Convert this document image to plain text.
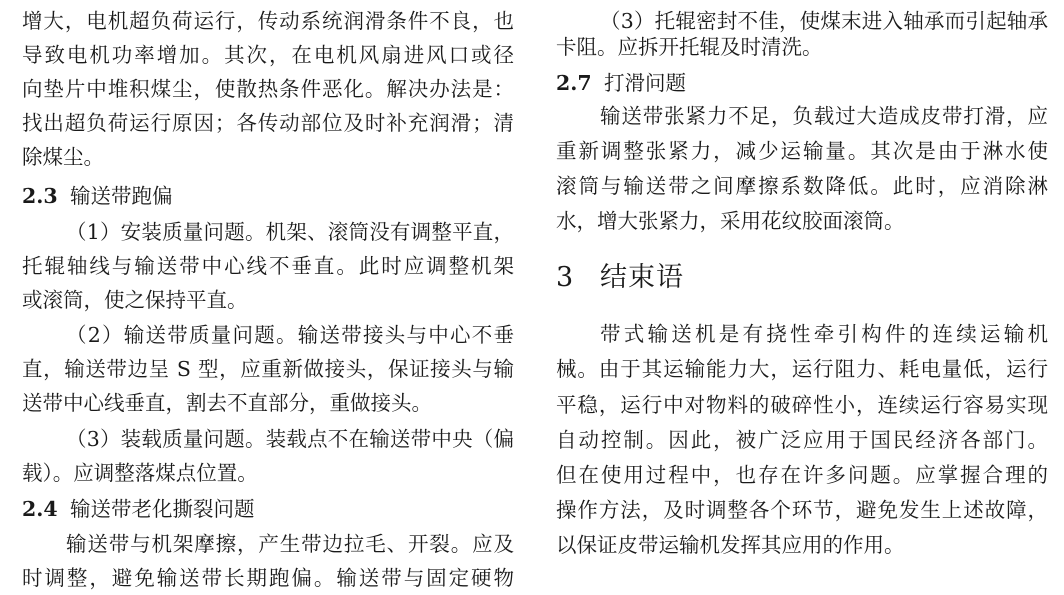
增大，电机超负荷运行，传动系统润滑条件不良，也
导致电机功率增加。其次，在电机风扇进风口或径
向垫片中堆积煤尘，使散热条件恶化。解决办法是：
找出超负荷运行原因；各传动部位及时补充润滑；清
除煤尘。
2.3 输送带跑偏
（1）安装质量问题。机架、滚筒没有调整平直，
托辊轴线与输送带中心线不垂直。此时应调整机架
或滚筒，使之保持平直。
（2）输送带质量问题。输送带接头与中心不垂
直，输送带边呈 S 型，应重新做接头，保证接头与输
送带中心线垂直，割去不直部分，重做接头。
（3）装载质量问题。装载点不在输送带中央（偏
载）。应调整落煤点位置。
2.4 输送带老化撕裂问题
输送带与机架摩擦，产生带边拉毛、开裂。应及
时调整，避免输送带长期跑偏。输送带与固定硬物
（3）托辊密封不佳，使煤末进入轴承而引起轴承
卡阻。应拆开托辊及时清洗。
2.7 打滑问题
输送带张紧力不足，负载过大造成皮带打滑，应
重新调整张紧力，减少运输量。其次是由于淋水使
滚筒与输送带之间摩擦系数降低。此时，应消除淋
水，增大张紧力，采用花纹胶面滚筒。
3 结束语
带式输送机是有挠性牵引构件的连续运输机
械。由于其运输能力大，运行阻力、耗电量低，运行
平稳，运行中对物料的破碎性小，连续运行容易实现
自动控制。因此，被广泛应用于国民经济各部门。
但在使用过程中，也存在许多问题。应掌握合理的
操作方法，及时调整各个环节，避免发生上述故障，
以保证皮带运输机发挥其应用的作用。
